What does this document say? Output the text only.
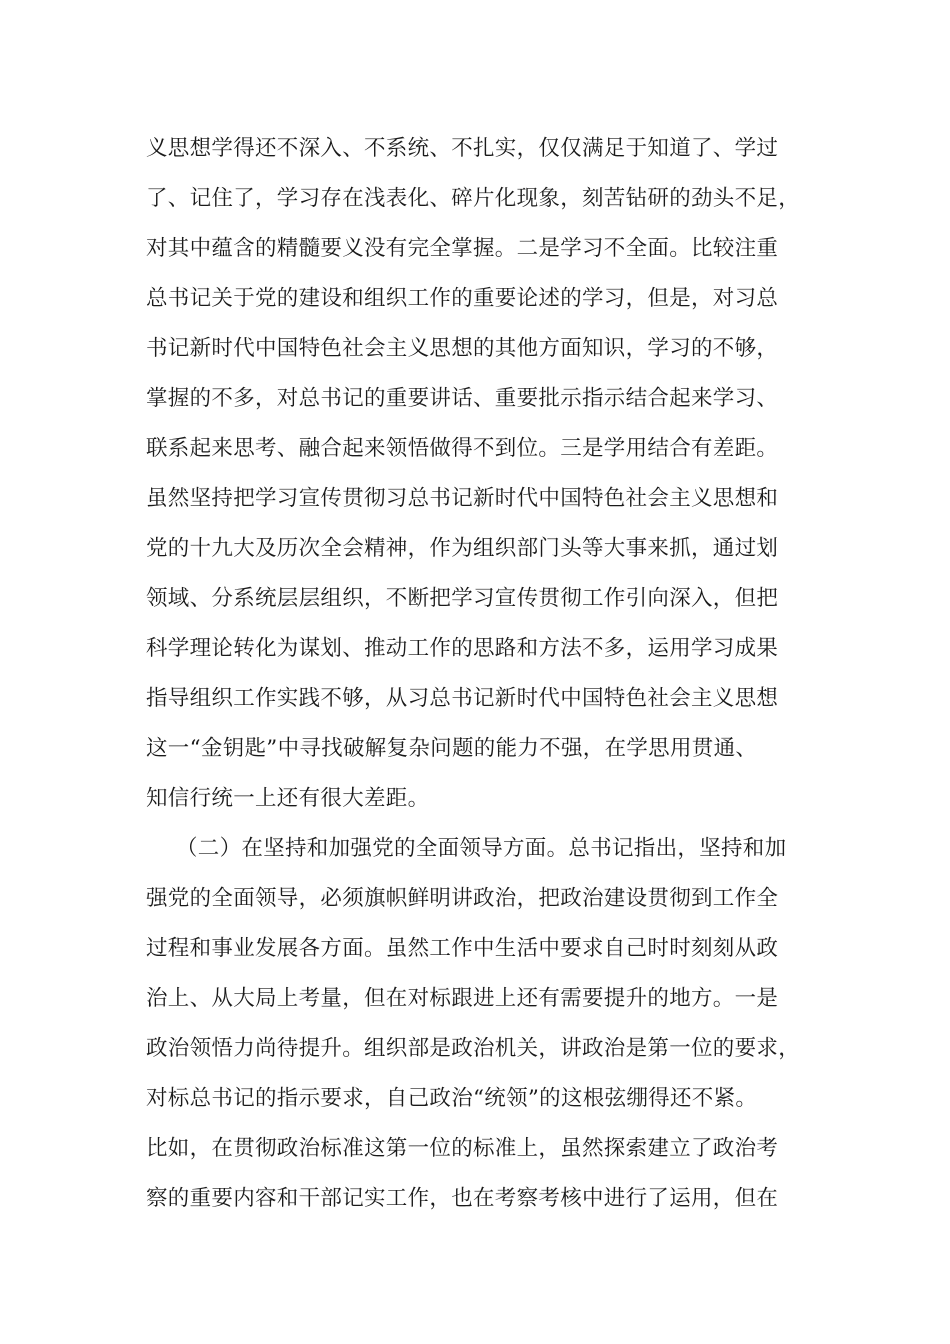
义思想学得还不深入、不系统、不扎实，仅仅满足于知道了、学过
了、记住了，学习存在浅表化、碎片化现象，刻苦钻研的劲头不足，
对其中蕴含的精髓要义没有完全掌握。二是学习不全面。比较注重
总书记关于党的建设和组织工作的重要论述的学习，但是，对习总
书记新时代中国特色社会主义思想的其他方面知识，学习的不够，
掌握的不多，对总书记的重要讲话、重要批示指示结合起来学习、
联系起来思考、融合起来领悟做得不到位。三是学用结合有差距。
虽然坚持把学习宣传贯彻习总书记新时代中国特色社会主义思想和
党的十九大及历次全会精神，作为组织部门头等大事来抓，通过划
领域、分系统层层组织，不断把学习宣传贯彻工作引向深入，但把
科学理论转化为谋划、推动工作的思路和方法不多，运用学习成果
指导组织工作实践不够，从习总书记新时代中国特色社会主义思想
这一“金钥匙”中寻找破解复杂问题的能力不强，在学思用贯通、
知信行统一上还有很大差距。
（二）在坚持和加强党的全面领导方面。总书记指出，坚持和加
强党的全面领导，必须旗帜鲜明讲政治，把政治建设贯彻到工作全
过程和事业发展各方面。虽然工作中生活中要求自己时时刻刻从政
治上、从大局上考量，但在对标跟进上还有需要提升的地方。一是
政治领悟力尚待提升。组织部是政治机关，讲政治是第一位的要求，
对标总书记的指示要求，自己政治“统领”的这根弦绷得还不紧。
比如，在贯彻政治标准这第一位的标准上，虽然探索建立了政治考
察的重要内容和干部记实工作，也在考察考核中进行了运用，但在
